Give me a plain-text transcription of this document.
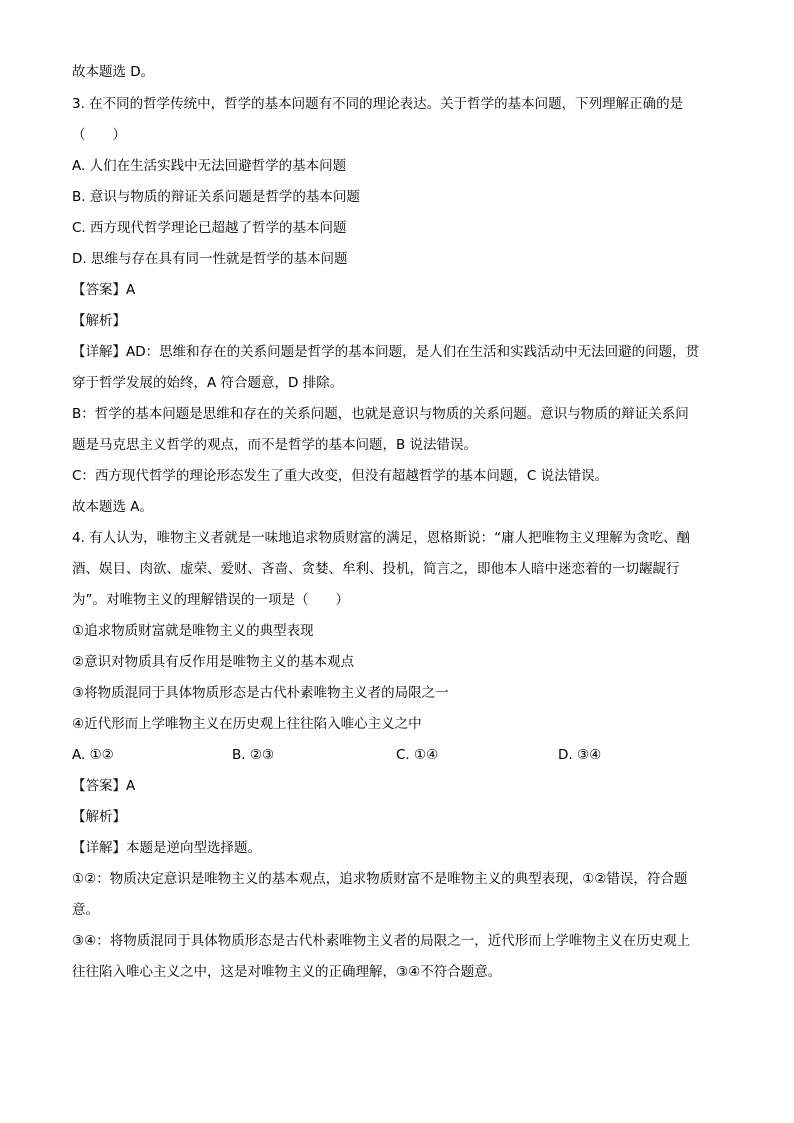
故本题选 D。

3. 在不同的哲学传统中，哲学的基本问题有不同的理论表达。关于哲学的基本问题，下列理解正确的是

（　　）

A. 人们在生活实践中无法回避哲学的基本问题

B. 意识与物质的辩证关系问题是哲学的基本问题

C. 西方现代哲学理论已超越了哲学的基本问题

D. 思维与存在具有同一性就是哲学的基本问题

【答案】A

【解析】

【详解】AD：思维和存在的关系问题是哲学的基本问题，是人们在生活和实践活动中无法回避的问题，贯

穿于哲学发展的始终，A 符合题意，D 排除。

B：哲学的基本问题是思维和存在的关系问题，也就是意识与物质的关系问题。意识与物质的辩证关系问

题是马克思主义哲学的观点，而不是哲学的基本问题，B 说法错误。

C：西方现代哲学的理论形态发生了重大改变，但没有超越哲学的基本问题，C 说法错误。

故本题选 A。

4. 有人认为，唯物主义者就是一味地追求物质财富的满足，恩格斯说：“庸人把唯物主义理解为贪吃、酗

酒、娱目、肉欲、虚荣、爱财、吝啬、贪婪、牟利、投机，简言之，即他本人暗中迷恋着的一切龌龊行

为”。对唯物主义的理解错误的一项是（　　）

①追求物质财富就是唯物主义的典型表现

②意识对物质具有反作用是唯物主义的基本观点

③将物质混同于具体物质形态是古代朴素唯物主义者的局限之一

④近代形而上学唯物主义在历史观上往往陷入唯心主义之中

A. ①②	B. ②③	C. ①④	D. ③④

【答案】A

【解析】

【详解】本题是逆向型选择题。

①②：物质决定意识是唯物主义的基本观点，追求物质财富不是唯物主义的典型表现，①②错误，符合题

意。

③④：将物质混同于具体物质形态是古代朴素唯物主义者的局限之一，近代形而上学唯物主义在历史观上

往往陷入唯心主义之中，这是对唯物主义的正确理解，③④不符合题意。
